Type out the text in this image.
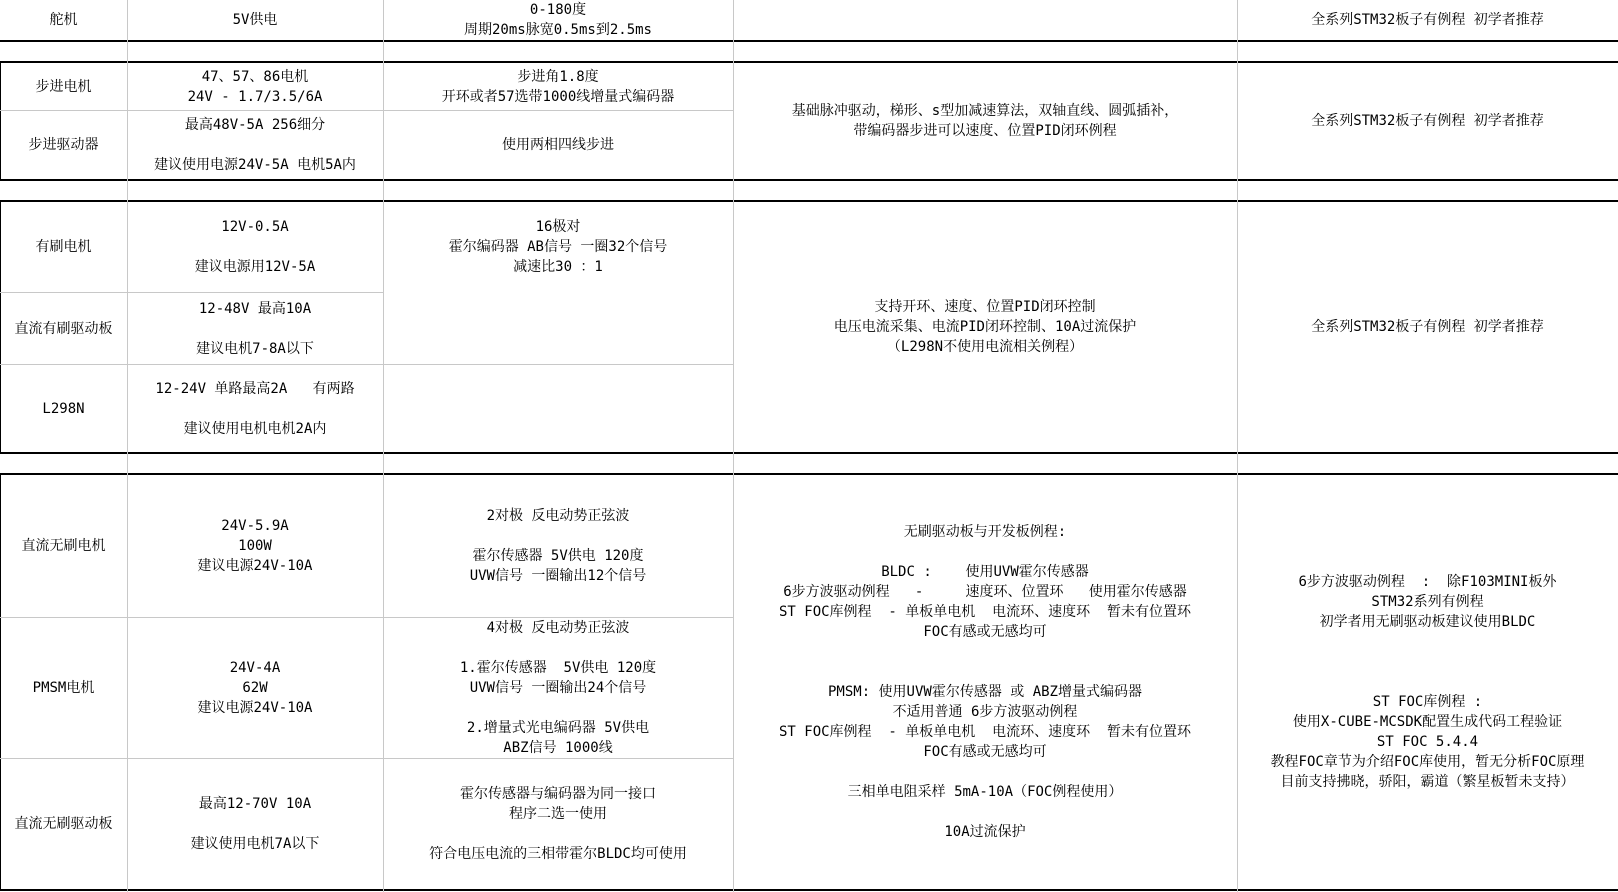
舵机	5V供电
0-180度
周期20ms脉宽0.5ms到2.5ms
全系列STM32板子有例程 初学者推荐
步进电机
47、57、86电机
24V - 1.7/3.5/6A
步进角1.8度
开环或者57选带1000线增量式编码器
步进驱动器
最高48V-5A 256细分

建议使用电源24V-5A 电机5A内
使用两相四线步进
基础脉冲驱动，梯形、s型加减速算法，双轴直线、圆弧插补，
带编码器步进可以速度、位置PID闭环例程
全系列STM32板子有例程 初学者推荐
有刷电机
12V-0.5A

建议电源用12V-5A
16极对
霍尔编码器 AB信号 一圈32个信号
减速比30 ：1
直流有刷驱动板
12-48V 最高10A

建议电机7-8A以下
L298N
12-24V 单路最高2A   有两路

建议使用电机电机2A内
支持开环、速度、位置PID闭环控制
电压电流采集、电流PID闭环控制、10A过流保护
（L298N不使用电流相关例程）
全系列STM32板子有例程 初学者推荐
直流无刷电机
24V-5.9A
100W
建议电源24V-10A
2对极 反电动势正弦波

霍尔传感器 5V供电 120度
UVW信号 一圈输出12个信号
PMSM电机
24V-4A
62W
建议电源24V-10A
4对极 反电动势正弦波

1.霍尔传感器  5V供电 120度
UVW信号 一圈输出24个信号

2.增量式光电编码器 5V供电
ABZ信号 1000线
直流无刷驱动板
最高12-70V 10A

建议使用电机7A以下
霍尔传感器与编码器为同一接口
程序二选一使用

符合电压电流的三相带霍尔BLDC均可使用
无刷驱动板与开发板例程:

BLDC :    使用UVW霍尔传感器
6步方波驱动例程   -     速度环、位置环   使用霍尔传感器
ST FOC库例程  - 单板单电机  电流环、速度环  暂未有位置环
FOC有感或无感均可

PMSM: 使用UVW霍尔传感器 或 ABZ增量式编码器
不适用普通 6步方波驱动例程
ST FOC库例程  - 单板单电机  电流环、速度环  暂未有位置环
FOC有感或无感均可

三相单电阻采样 5mA-10A（FOC例程使用）

10A过流保护
6步方波驱动例程  :  除F103MINI板外
STM32系列有例程
初学者用无刷驱动板建议使用BLDC

ST FOC库例程 :
使用X-CUBE-MCSDK配置生成代码工程验证
ST FOC 5.4.4
教程FOC章节为介绍FOC库使用，暂无分析FOC原理
目前支持拂晓，骄阳，霸道（繁星板暂未支持）
